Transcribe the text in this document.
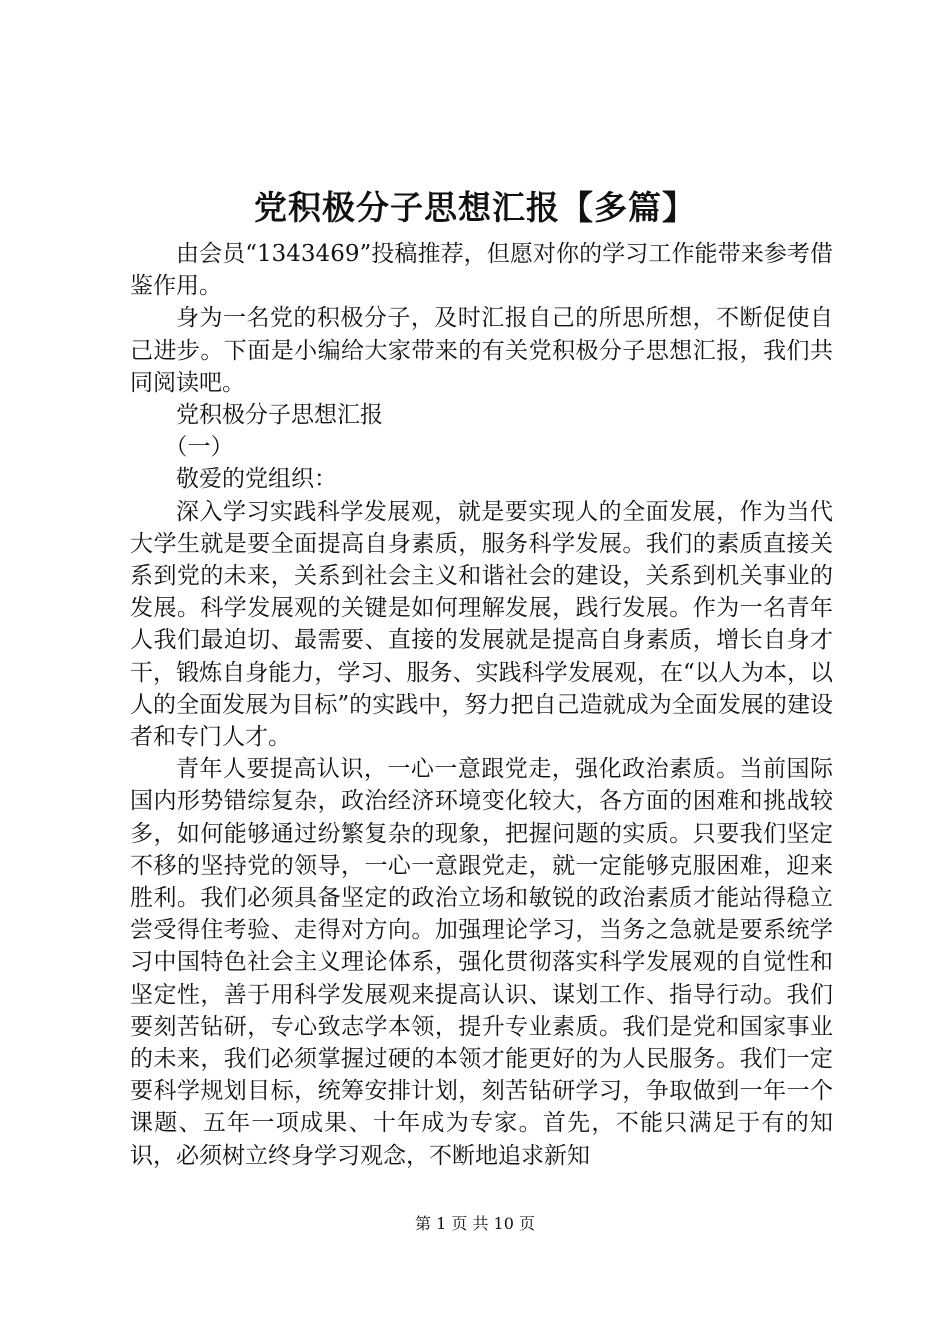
党积极分子思想汇报【多篇】

由会员“1343469”投稿推荐，但愿对你的学习工作能带来参考借鉴作用。

身为一名党的积极分子，及时汇报自己的所思所想，不断促使自己进步。下面是小编给大家带来的有关党积极分子思想汇报，我们共同阅读吧。

党积极分子思想汇报

（一）

敬爱的党组织：

深入学习实践科学发展观，就是要实现人的全面发展，作为当代大学生就是要全面提高自身素质，服务科学发展。我们的素质直接关系到党的未来，关系到社会主义和谐社会的建设，关系到机关事业的发展。科学发展观的关键是如何理解发展，践行发展。作为一名青年人我们最迫切、最需要、直接的发展就是提高自身素质，增长自身才干，锻炼自身能力，学习、服务、实践科学发展观，在“以人为本，以人的全面发展为目标”的实践中，努力把自己造就成为全面发展的建设者和专门人才。

青年人要提高认识，一心一意跟党走，强化政治素质。当前国际国内形势错综复杂，政治经济环境变化较大，各方面的困难和挑战较多，如何能够通过纷繁复杂的现象，把握问题的实质。只要我们坚定不移的坚持党的领导，一心一意跟党走，就一定能够克服困难，迎来胜利。我们必须具备坚定的政治立场和敏锐的政治素质才能站得稳立尝受得住考验、走得对方向。加强理论学习，当务之急就是要系统学习中国特色社会主义理论体系，强化贯彻落实科学发展观的自觉性和坚定性，善于用科学发展观来提高认识、谋划工作、指导行动。我们要刻苦钻研，专心致志学本领，提升专业素质。我们是党和国家事业的未来，我们必须掌握过硬的本领才能更好的为人民服务。我们一定要科学规划目标，统筹安排计划，刻苦钻研学习，争取做到一年一个课题、五年一项成果、十年成为专家。首先，不能只满足于有的知识，必须树立终身学习观念，不断地追求新知

第 1 页 共 10 页
